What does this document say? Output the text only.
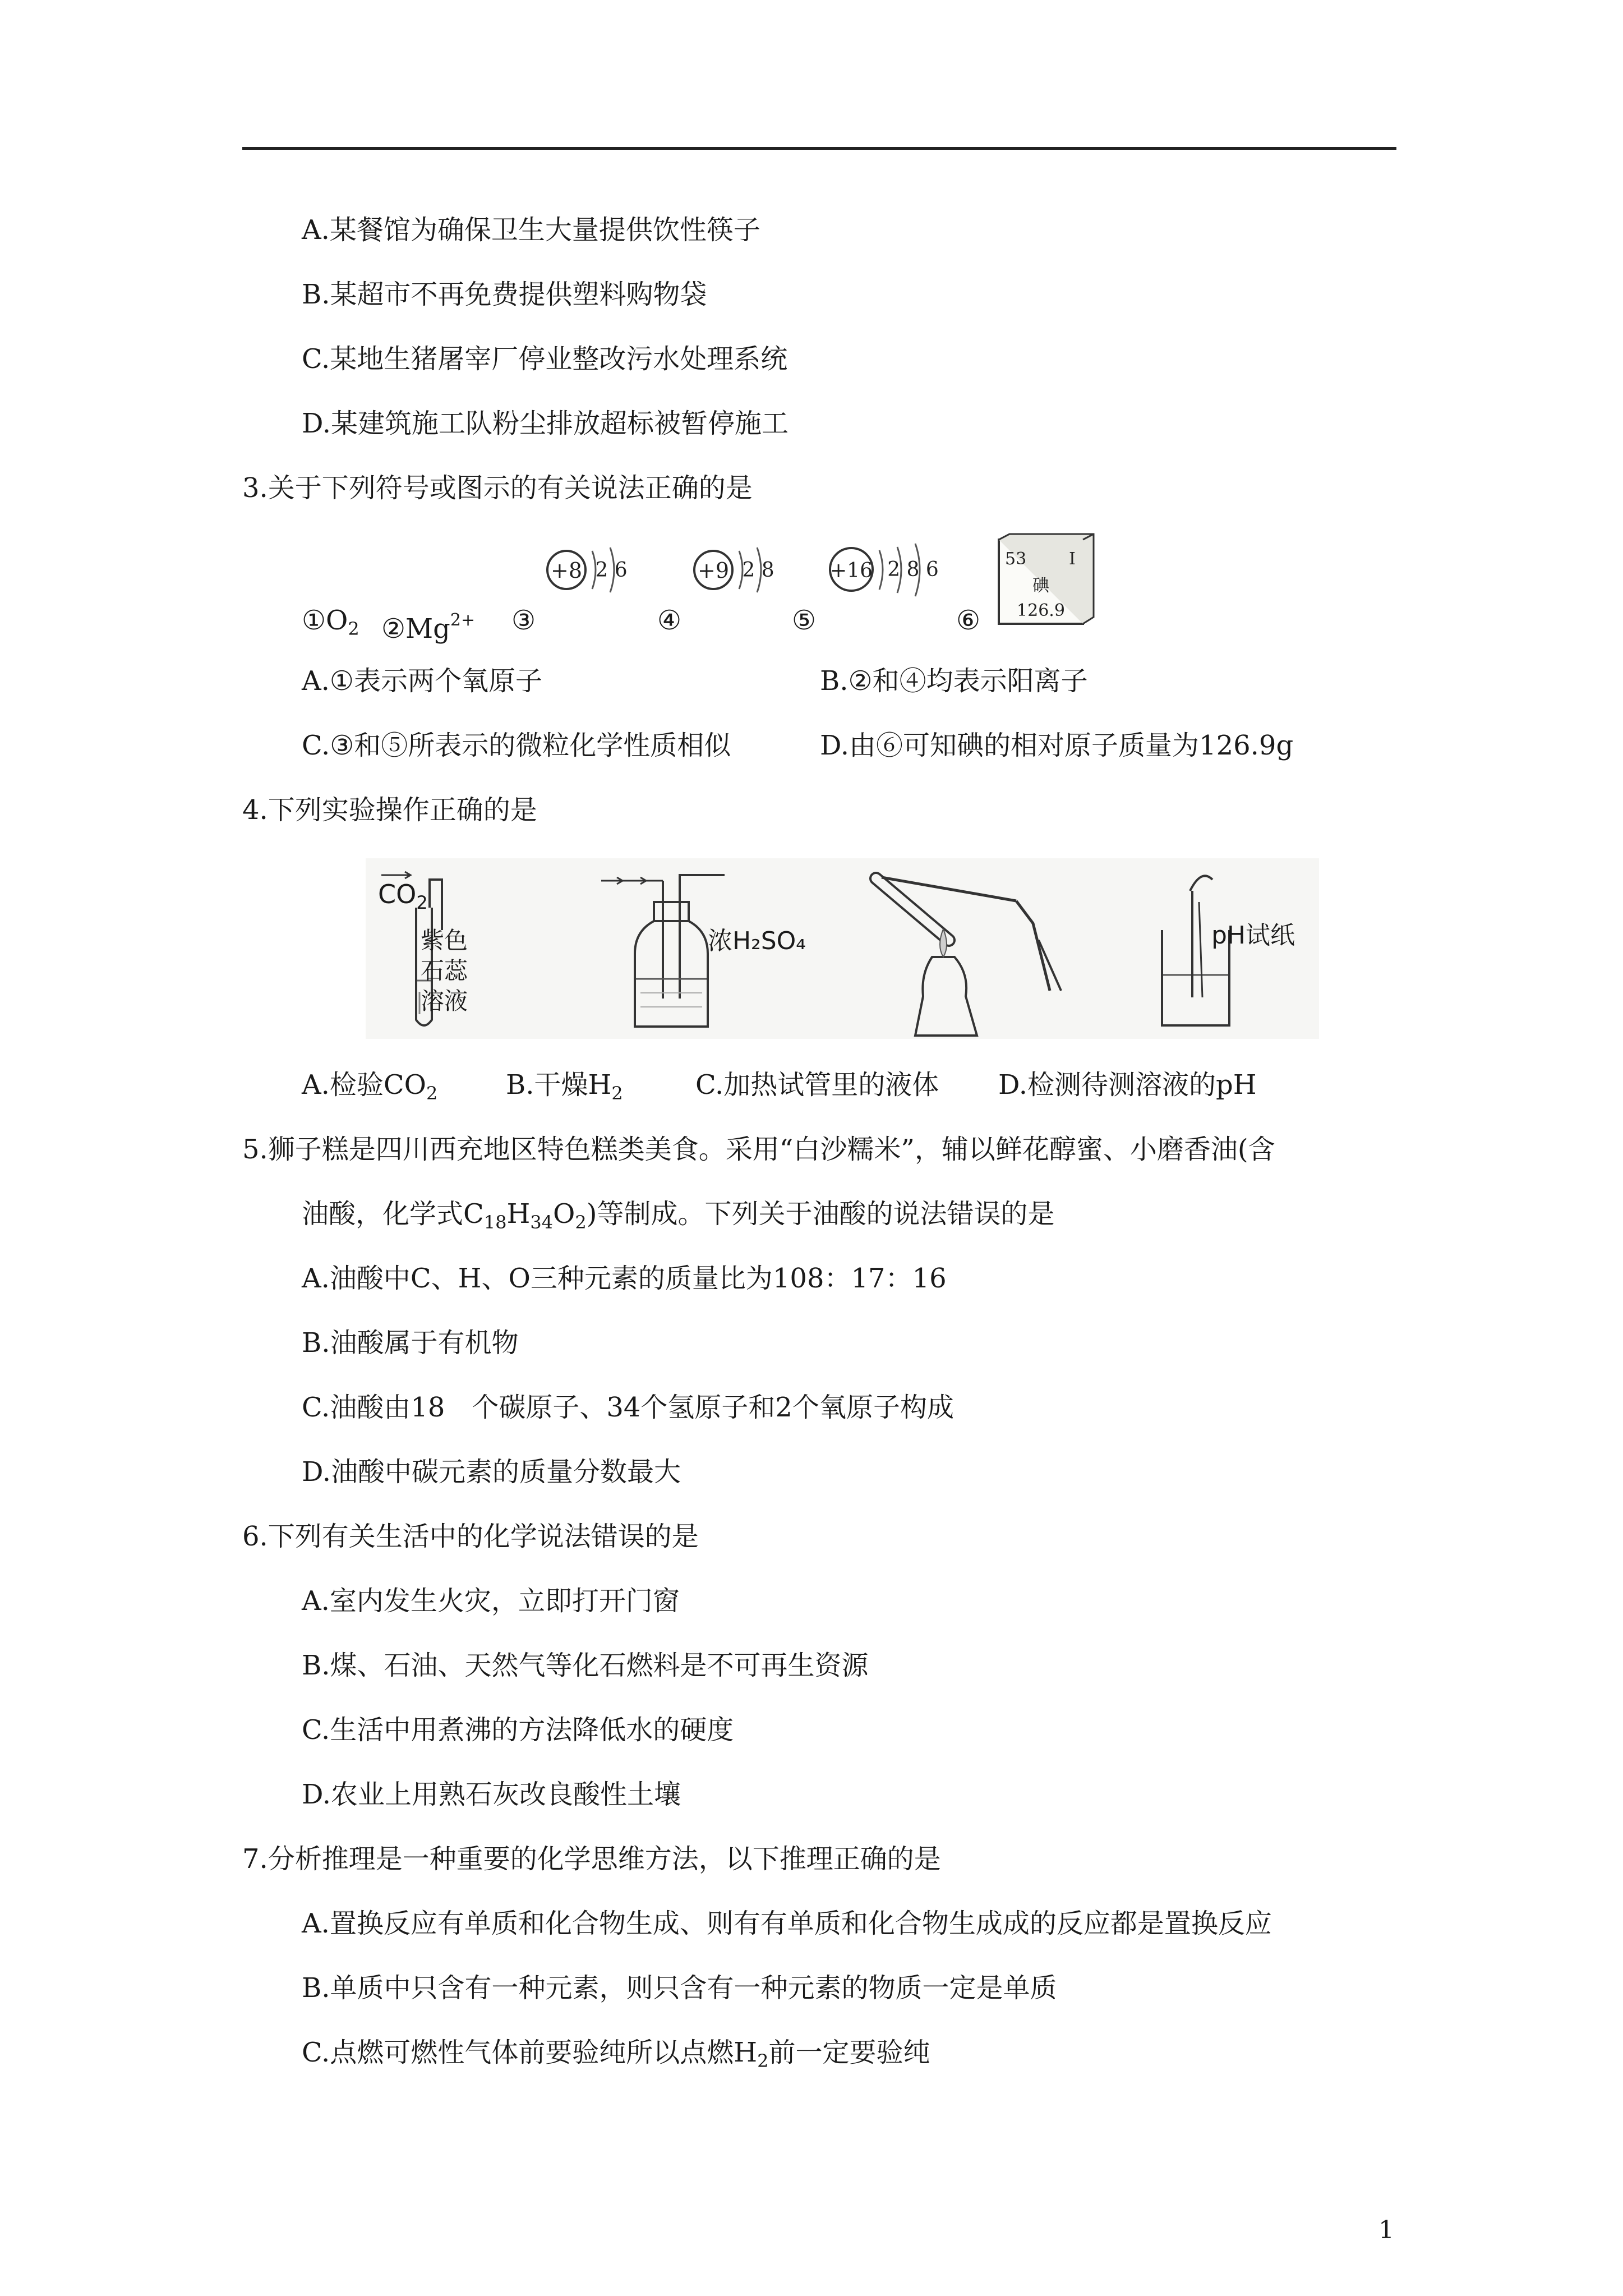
A.某餐馆为确保卫生大量提供饮性筷子
B.某超市不再免费提供塑料购物袋
C.某地生猪屠宰厂停业整改污水处理系统
D.某建筑施工队粉尘排放超标被暂停施工
3.关于下列符号或图示的有关说法正确的是
$①O_2$ $②Mg^{2+}$ ③	④	⑤	⑥
+8 2 6	+9 2 8	+16 2 8 6	53	I
碘
126.9
A.①表示两个氧原子	B.②和④均表示阳离子
C.③和⑤所表示的微粒化学性质相似	D.由⑥可知碘的相对原子质量为126.9g
4.下列实验操作正确的是
$CO_2$
紫色
石蕊
溶液
浓H₂SO₄	pH试纸
A.检验$CO_2$	B.干燥$H_2$	C.加热试管里的液体 D.检测待测溶液的pH
5.狮子糕是四川西充地区特色糕类美食。采用“白沙糯米”，辅以鲜花醇蜜、小磨香油(含
油酸，化学式$C_{18}H_{34}O_2$)等制成。下列关于油酸的说法错误的是
A.油酸中C、H、O三种元素的质量比为108：17：16
B.油酸属于有机物
C.油酸由18　个碳原子、34个氢原子和2个氧原子构成
D.油酸中碳元素的质量分数最大
6.下列有关生活中的化学说法错误的是
A.室内发生火灾，立即打开门窗
B.煤、石油、天然气等化石燃料是不可再生资源
C.生活中用煮沸的方法降低水的硬度
D.农业上用熟石灰改良酸性土壤
7.分析推理是一种重要的化学思维方法，以下推理正确的是
A.置换反应有单质和化合物生成、则有有单质和化合物生成成的反应都是置换反应
B.单质中只含有一种元素，则只含有一种元素的物质一定是单质
C.点燃可燃性气体前要验纯所以点燃$H_2$前一定要验纯
1
